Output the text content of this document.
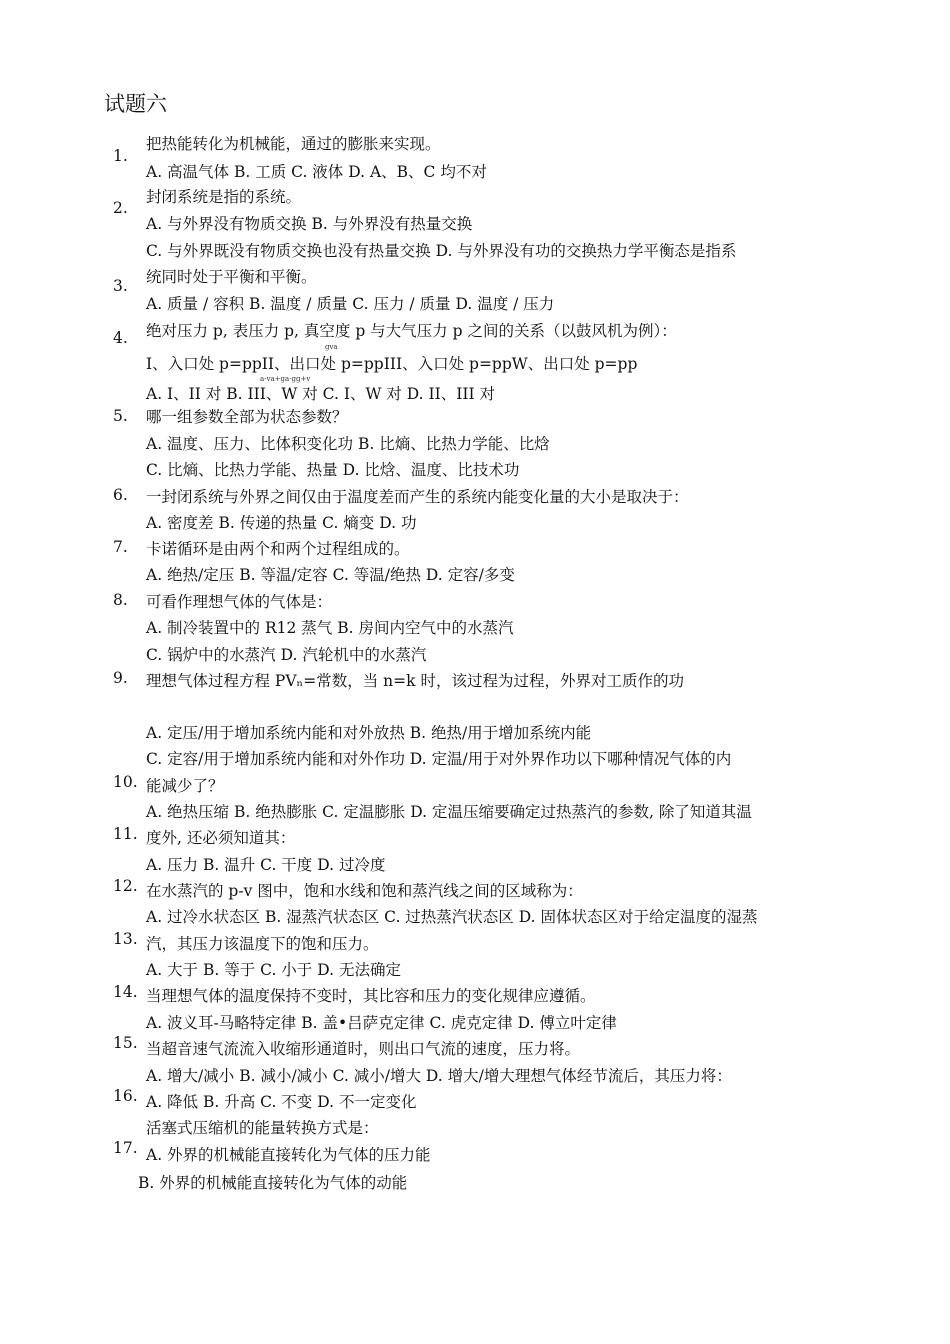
试题六
1.
2.
3.
4.
5.
6.
7.
8.
9.
10.
11.
12.
13.
14.
15.
16.
17.
把热能转化为机械能，通过的膨胀来实现。
A. 高温气体 B. 工质 C. 液体 D. A、B、C 均不对
封闭系统是指的系统。
A. 与外界没有物质交换 B. 与外界没有热量交换
C. 与外界既没有物质交换也没有热量交换 D. 与外界没有功的交换热力学平衡态是指系
统同时处于平衡和平衡。
A. 质量 / 容积 B. 温度 / 质量 C. 压力 / 质量 D. 温度 / 压力
绝对压力 p, 表压力 p, 真空度 p 与大气压力 p 之间的关系（以鼓风机为例）：
gva
I、入口处 p=ppII、出口处 p=ppIII、入口处 p=ppW、出口处 p=pp
a-va+ga-gg+v
A. I、II 对 B. III、W 对 C. I、W 对 D. II、III 对
哪一组参数全部为状态参数？
A. 温度、压力、比体积变化功 B. 比熵、比热力学能、比焓
C. 比熵、比热力学能、热量 D. 比焓、温度、比技术功
一封闭系统与外界之间仅由于温度差而产生的系统内能变化量的大小是取决于：
A. 密度差 B. 传递的热量 C. 熵变 D. 功
卡诺循环是由两个和两个过程组成的。
A. 绝热/定压 B. 等温/定容 C. 等温/绝热 D. 定容/多变
可看作理想气体的气体是：
A. 制冷装置中的 R12 蒸气 B. 房间内空气中的水蒸汽
C. 锅炉中的水蒸汽 D. 汽轮机中的水蒸汽
理想气体过程方程 PVₙ=常数，当 n=k 时，该过程为过程，外界对工质作的功
A. 定压/用于增加系统内能和对外放热 B. 绝热/用于增加系统内能
C. 定容/用于增加系统内能和对外作功 D. 定温/用于对外界作功以下哪种情况气体的内
能减少了？
A. 绝热压缩 B. 绝热膨胀 C. 定温膨胀 D. 定温压缩要确定过热蒸汽的参数, 除了知道其温
度外, 还必须知道其：
A. 压力 B. 温升 C. 干度 D. 过冷度
在水蒸汽的 p-v 图中，饱和水线和饱和蒸汽线之间的区域称为：
A. 过冷水状态区 B. 湿蒸汽状态区 C. 过热蒸汽状态区 D. 固体状态区对于给定温度的湿蒸
汽，其压力该温度下的饱和压力。
A. 大于 B. 等于 C. 小于 D. 无法确定
当理想气体的温度保持不变时，其比容和压力的变化规律应遵循。
A. 波义耳-马略特定律 B. 盖•吕萨克定律 C. 虎克定律 D. 傅立叶定律
当超音速气流流入收缩形通道时，则出口气流的速度，压力将。
A. 增大/减小 B. 减小/减小 C. 减小/增大 D. 增大/增大理想气体经节流后，其压力将：
A. 降低 B. 升高 C. 不变 D. 不一定变化
活塞式压缩机的能量转换方式是：
A. 外界的机械能直接转化为气体的压力能
B. 外界的机械能直接转化为气体的动能
